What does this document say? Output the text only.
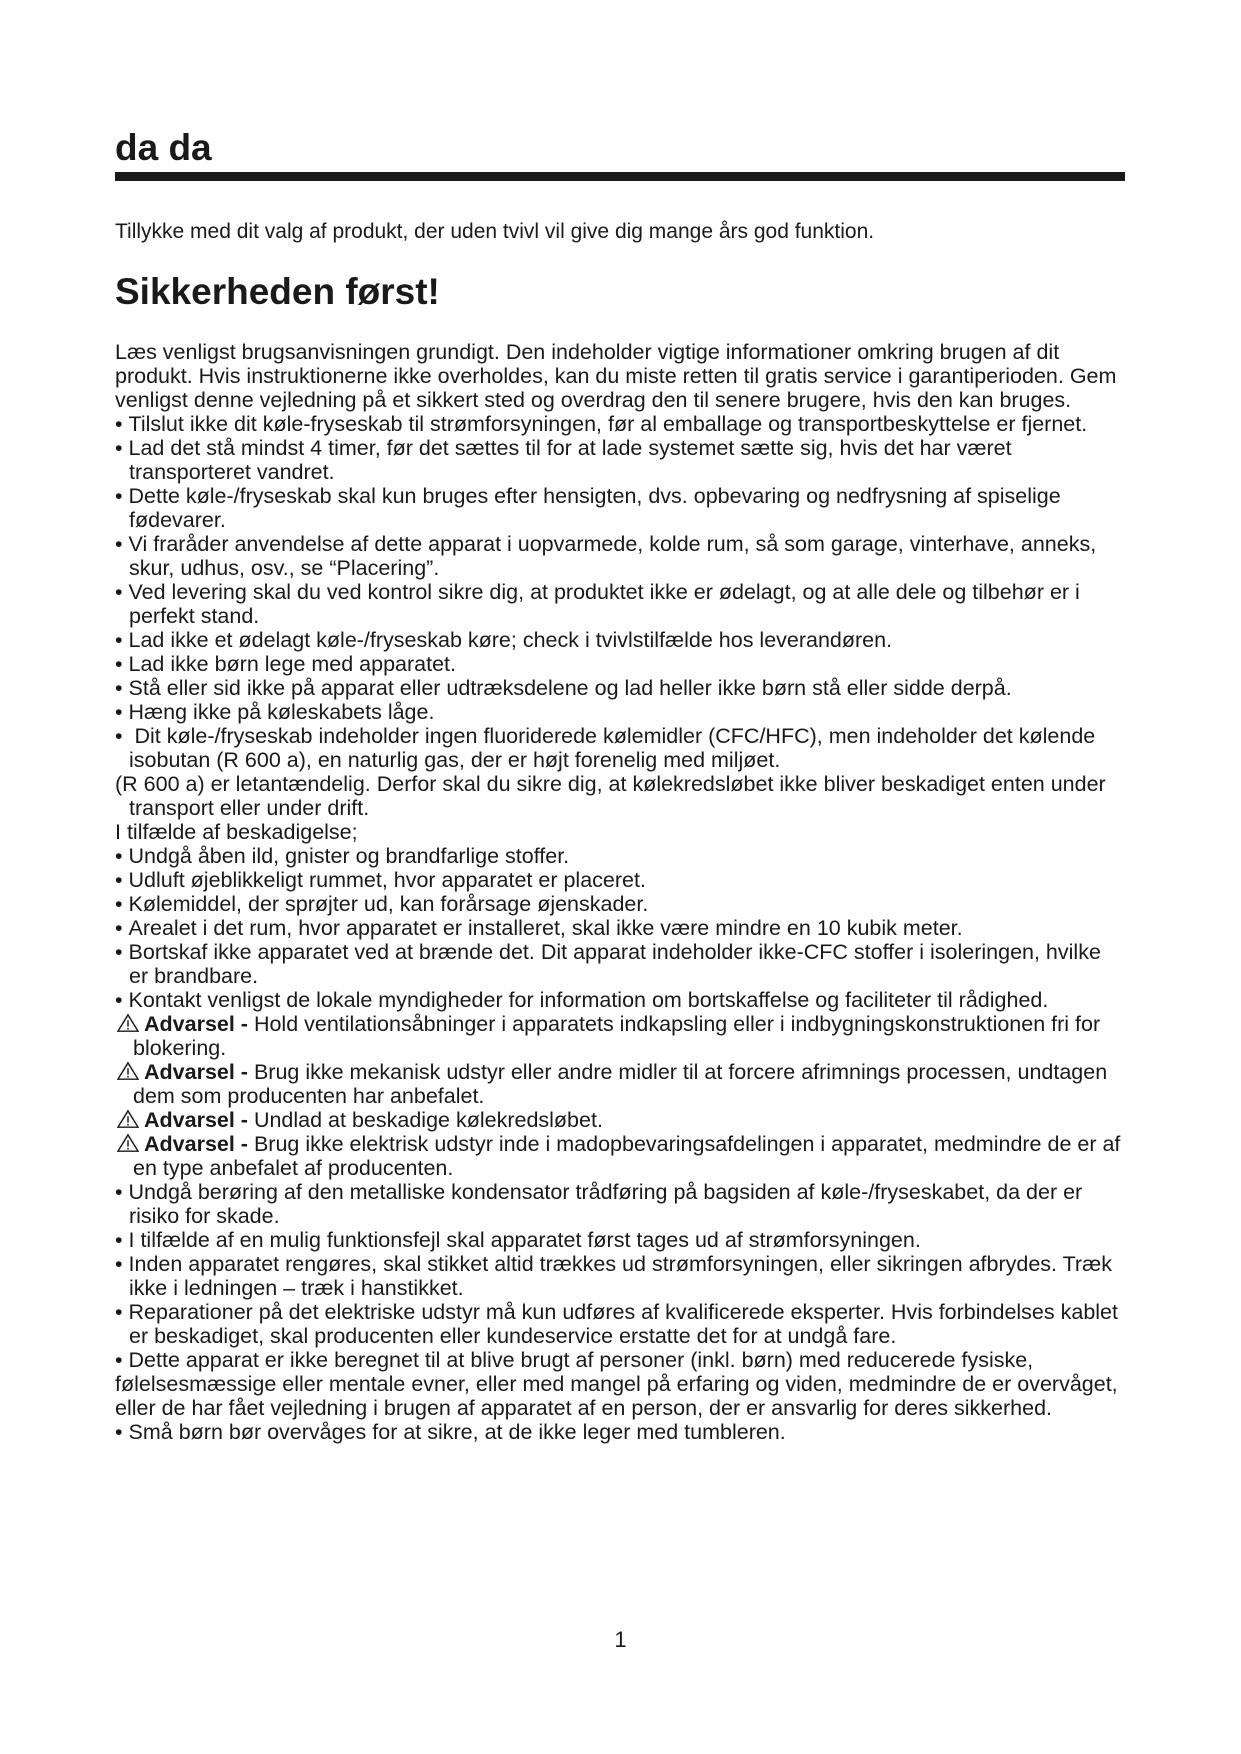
da da

Tillykke med dit valg af produkt, der uden tvivl vil give dig mange års god funktion.

Sikkerheden først!

Læs venligst brugsanvisningen grundigt. Den indeholder vigtige informationer omkring brugen af dit produkt. Hvis instruktionerne ikke overholdes, kan du miste retten til gratis service i garantiperioden. Gem venligst denne vejledning på et sikkert sted og overdrag den til senere brugere, hvis den kan bruges.

• Tilslut ikke dit køle-fryseskab til strømforsyningen, før al emballage og transportbeskyttelse er fjernet.
• Lad det stå mindst 4 timer, før det sættes til for at lade systemet sætte sig, hvis det har været transporteret vandret.
• Dette køle-/fryseskab skal kun bruges efter hensigten, dvs. opbevaring og nedfrysning af spiselige fødevarer.
• Vi fraråder anvendelse af dette apparat i uopvarmede, kolde rum, så som garage, vinterhave, anneks, skur, udhus, osv., se “Placering”.
• Ved levering skal du ved kontrol sikre dig, at produktet ikke er ødelagt, og at alle dele og tilbehør er i perfekt stand.
• Lad ikke et ødelagt køle-/fryseskab køre; check i tvivlstilfælde hos leverandøren.
• Lad ikke børn lege med apparatet.
• Stå eller sid ikke på apparat eller udtræksdelene og lad heller ikke børn stå eller sidde derpå.
• Hæng ikke på køleskabets låge.
• Dit køle-/fryseskab indeholder ingen fluoriderede kølemidler (CFC/HFC), men indeholder det kølende isobutan (R 600 a), en naturlig gas, der er højt forenelig med miljøet.
(R 600 a) er letantændelig. Derfor skal du sikre dig, at kølekredsløbet ikke bliver beskadiget enten under transport eller under drift.
I tilfælde af beskadigelse;
• Undgå åben ild, gnister og brandfarlige stoffer.
• Udluft øjeblikkeligt rummet, hvor apparatet er placeret.
• Kølemiddel, der sprøjter ud, kan forårsage øjenskader.
• Arealet i det rum, hvor apparatet er installeret, skal ikke være mindre en 10 kubik meter.
• Bortskaf ikke apparatet ved at brænde det. Dit apparat indeholder ikke-CFC stoffer i isoleringen, hvilke er brandbare.
• Kontakt venligst de lokale myndigheder for information om bortskaffelse og faciliteter til rådighed.
Advarsel - Hold ventilationsåbninger i apparatets indkapsling eller i indbygningskonstruktionen fri for blokering.
Advarsel - Brug ikke mekanisk udstyr eller andre midler til at forcere afrimnings processen, undtagen dem som producenten har anbefalet.
Advarsel - Undlad at beskadige kølekredsløbet.
Advarsel - Brug ikke elektrisk udstyr inde i madopbevaringsafdelingen i apparatet, medmindre de er af en type anbefalet af producenten.
• Undgå berøring af den metalliske kondensator trådføring på bagsiden af køle-/fryseskabet, da der er risiko for skade.
• I tilfælde af en mulig funktionsfejl skal apparatet først tages ud af strømforsyningen.
• Inden apparatet rengøres, skal stikket altid trækkes ud strømforsyningen, eller sikringen afbrydes. Træk ikke i ledningen – træk i hanstikket.
• Reparationer på det elektriske udstyr må kun udføres af kvalificerede eksperter. Hvis forbindelses kablet er beskadiget, skal producenten eller kundeservice erstatte det for at undgå fare.
• Dette apparat er ikke beregnet til at blive brugt af personer (inkl. børn) med reducerede fysiske, følelsesmæssige eller mentale evner, eller med mangel på erfaring og viden, medmindre de er overvåget, eller de har fået vejledning i brugen af apparatet af en person, der er ansvarlig for deres sikkerhed.
• Små børn bør overvåges for at sikre, at de ikke leger med tumbleren.
1
